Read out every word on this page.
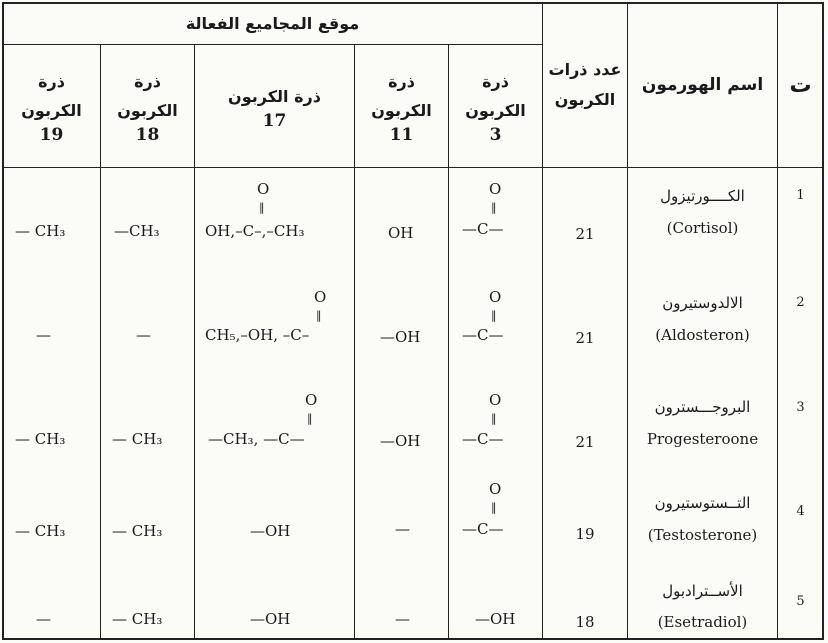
موقع المجاميع الفعالة
ت
اسم الهورمون
عدد ذرات الكربون
ذرة الكربون
3
ذرة الكربون
11
ذرة الكربون
17
ذرة الكربون
18
ذرة الكربون
19
1
الكــــورتيزول
(Cortisol)
21
O
‖
—C—
OH
O
‖
OH,–C–,–CH₃
—CH₃
— CH₃
2
الالدوستيرون
(Aldosteron)
21
O
‖
—C—
—OH
O
‖
CH₅,–OH, –C–
—
—
3
البروجـــسترون
Progesteroone
21
O
‖
—C—
—OH
O
‖
—CH₃, —C—
— CH₃
— CH₃
4
التــستوستيرون
(Testosterone)
19
O
‖
—C—
—
—OH
— CH₃
— CH₃
5
الأســترادبول
(Esetradiol)
18
—OH
—
—OH
— CH₃
—
